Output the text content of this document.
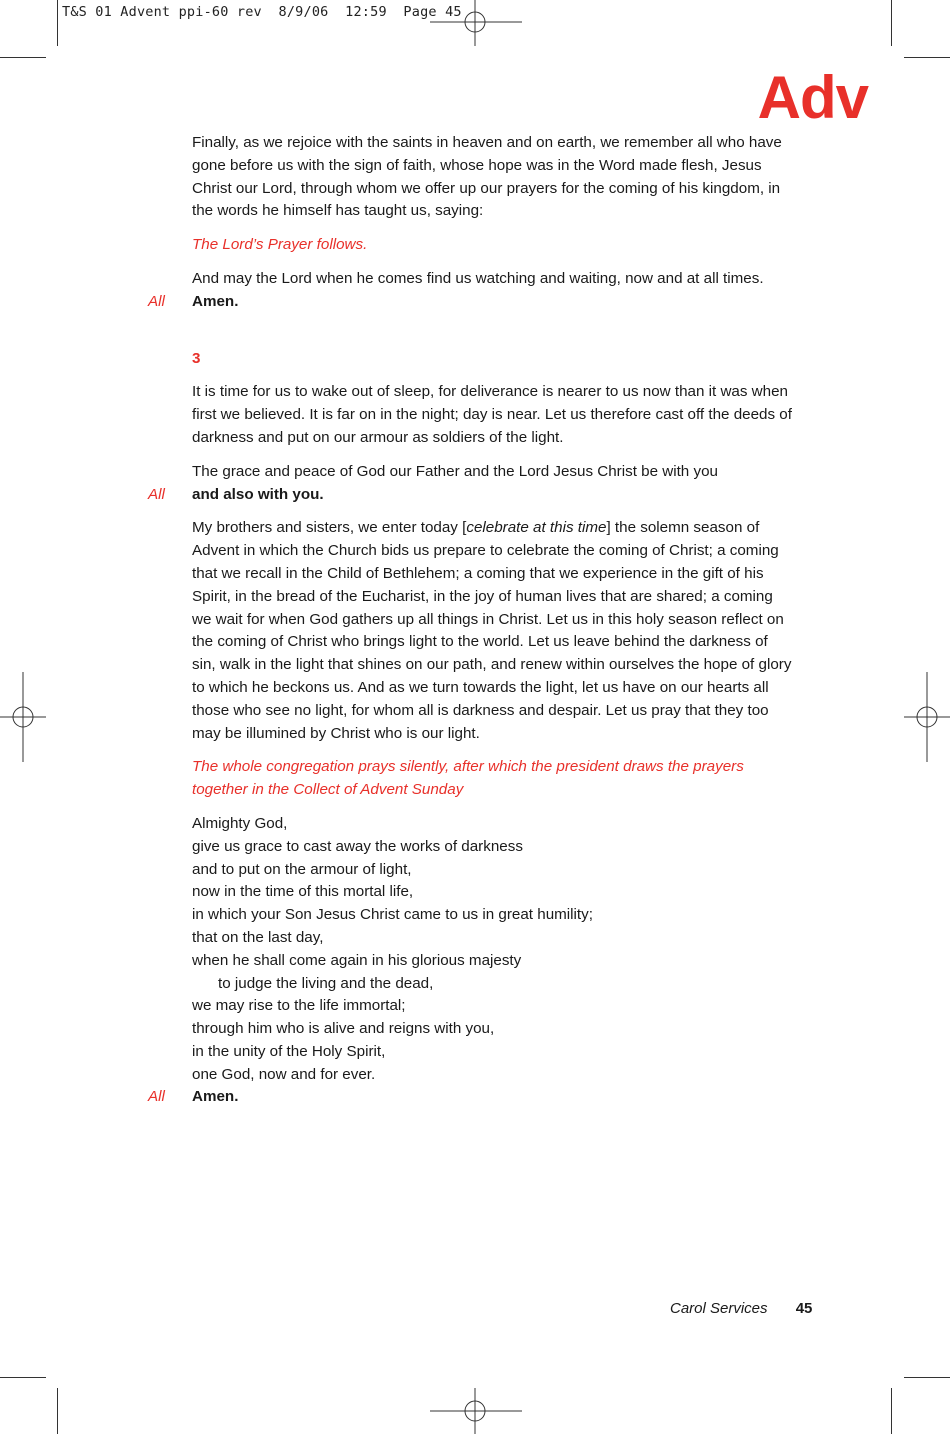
T&S 01 Advent ppi-60 rev  8/9/06  12:59  Page 45
Adv

Finally, as we rejoice with the saints in heaven and on earth, we remember all who have gone before us with the sign of faith, whose hope was in the Word made flesh, Jesus Christ our Lord, through whom we offer up our prayers for the coming of his kingdom, in the words he himself has taught us, saying:

The Lord’s Prayer follows.

And may the Lord when he comes find us watching and waiting, now and at all times.

All Amen.

3

It is time for us to wake out of sleep, for deliverance is nearer to us now than it was when first we believed. It is far on in the night; day is near. Let us therefore cast off the deeds of darkness and put on our armour as soldiers of the light.

The grace and peace of God our Father and the Lord Jesus Christ be with you

All and also with you.

My brothers and sisters, we enter today [celebrate at this time] the solemn season of Advent in which the Church bids us prepare to celebrate the coming of Christ; a coming that we recall in the Child of Bethlehem; a coming that we experience in the gift of his Spirit, in the bread of the Eucharist, in the joy of human lives that are shared; a coming we wait for when God gathers up all things in Christ. Let us in this holy season reflect on the coming of Christ who brings light to the world. Let us leave behind the darkness of sin, walk in the light that shines on our path, and renew within ourselves the hope of glory to which he beckons us. And as we turn towards the light, let us have on our hearts all those who see no light, for whom all is darkness and despair. Let us pray that they too may be illumined by Christ who is our light.

The whole congregation prays silently, after which the president draws the prayers together in the Collect of Advent Sunday

Almighty God,

give us grace to cast away the works of darkness

and to put on the armour of light,

now in the time of this mortal life,

in which your Son Jesus Christ came to us in great humility;

that on the last day,

when he shall come again in his glorious majesty

to judge the living and the dead,

we may rise to the life immortal;

through him who is alive and reigns with you,

in the unity of the Holy Spirit,

one God, now and for ever.

All Amen.
Carol Services 45
